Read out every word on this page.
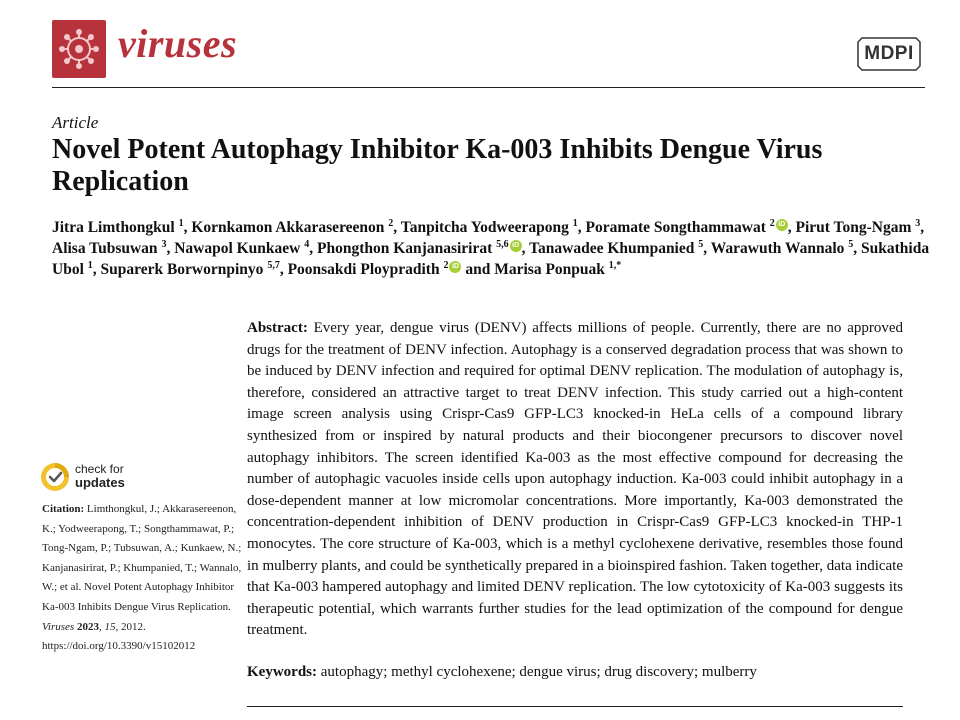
viruses	MDPI
Article
Novel Potent Autophagy Inhibitor Ka-003 Inhibits Dengue Virus Replication
Jitra Limthongkul $^1$, Kornkamon Akkarasereenon $^2$, Tanpitcha Yodweerapong $^1$, Poramate Songthammawat $^2$ iD , Pirut Tong-Ngam $^3$, Alisa Tubsuwan $^3$, Nawapol Kunkaew $^4$, Phongthon Kanjanasirirat $^{5,6}$ iD , Tanawadee Khumpanied $^5$, Warawuth Wannalo $^5$, Sukathida Ubol $^1$, Suparerk Borwornpinyo $^{5,7}$, Poonsakdi Ploypradith $^2$ iD and Marisa Ponpuak $^{1,*}$
check for
updates
Citation: Limthongkul, J.; Akkarasereenon, K.; Yodweerapong, T.; Songthammawat, P.; Tong-Ngam, P.; Tubsuwan, A.; Kunkaew, N.; Kanjanasirirat, P.; Khumpanied, T.; Wannalo, W.; et al. Novel Potent Autophagy Inhibitor Ka-003 Inhibits Dengue Virus Replication. Viruses 2023, 15, 2012. https://doi.org/10.3390/v15102012
Abstract: Every year, dengue virus (DENV) affects millions of people. Currently, there are no approved drugs for the treatment of DENV infection. Autophagy is a conserved degradation process that was shown to be induced by DENV infection and required for optimal DENV replication. The modulation of autophagy is, therefore, considered an attractive target to treat DENV infection. This study carried out a high-content image screen analysis using Crispr-Cas9 GFP-LC3 knocked-in HeLa cells of a compound library synthesized from or inspired by natural products and their biocongener precursors to discover novel autophagy inhibitors. The screen identified Ka-003 as the most effective compound for decreasing the number of autophagic vacuoles inside cells upon autophagy induction. Ka-003 could inhibit autophagy in a dose-dependent manner at low micromolar concentrations. More importantly, Ka-003 demonstrated the concentration-dependent inhibition of DENV production in Crispr-Cas9 GFP-LC3 knocked-in THP-1 monocytes. The core structure of Ka-003, which is a methyl cyclohexene derivative, resembles those found in mulberry plants, and could be synthetically prepared in a bioinspired fashion. Taken together, data indicate that Ka-003 hampered autophagy and limited DENV replication. The low cytotoxicity of Ka-003 suggests its therapeutic potential, which warrants further studies for the lead optimization of the compound for dengue treatment.
Keywords: autophagy; methyl cyclohexene; dengue virus; drug discovery; mulberry
